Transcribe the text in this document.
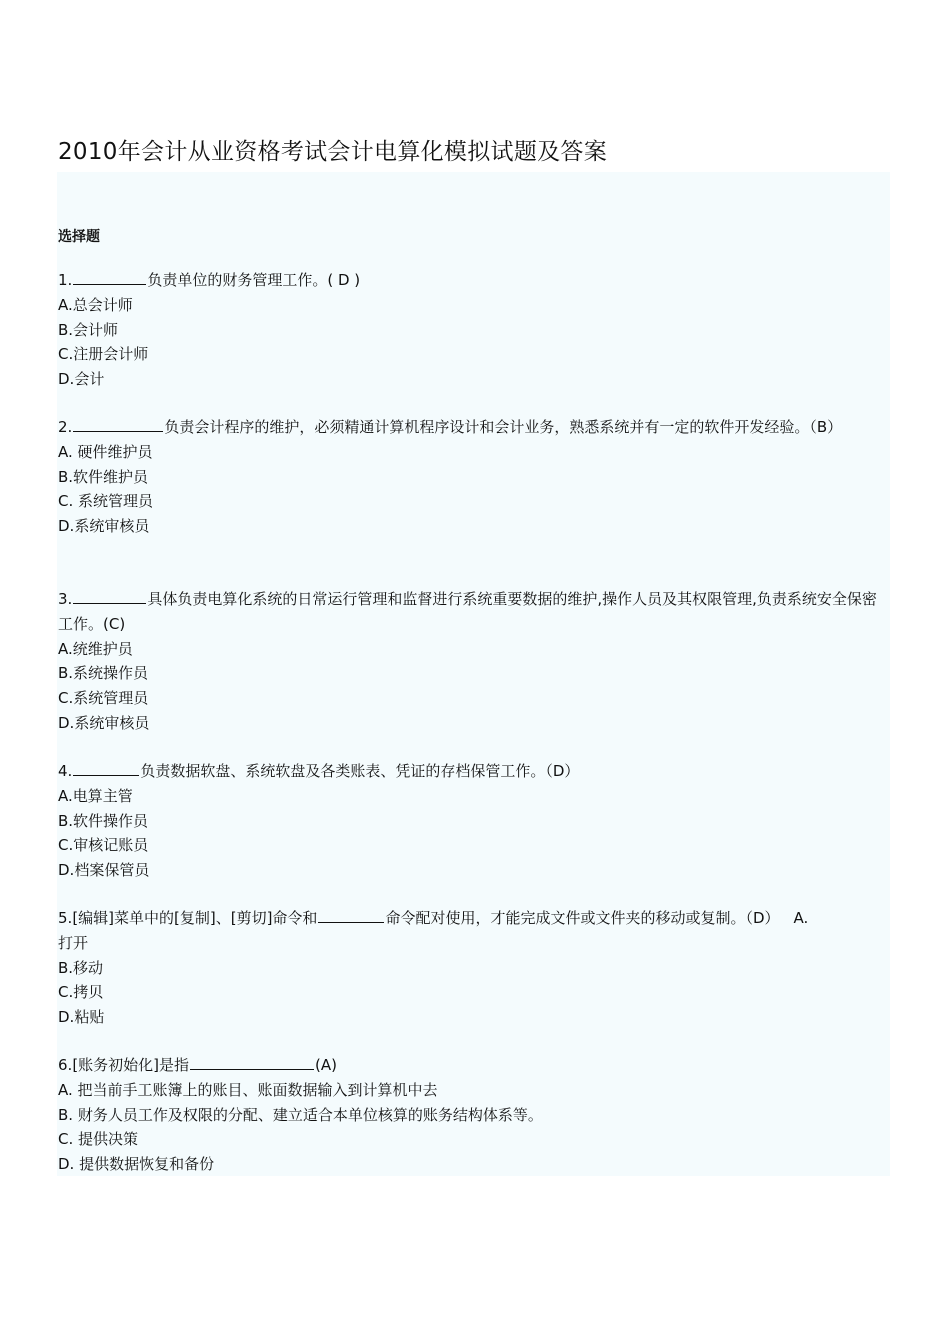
2010年会计从业资格考试会计电算化模拟试题及答案
选择题
1.	负责单位的财务管理工作。( D )
A.总会计师
B.会计师
C.注册会计师
D.会计
2.	负责会计程序的维护，必须精通计算机程序设计和会计业务，熟悉系统并有一定的软件开发经验。（B）
A. 硬件维护员
B.软件维护员
C. 系统管理员
D.系统审核员
3.	具体负责电算化系统的日常运行管理和监督进行系统重要数据的维护,操作人员及其权限管理,负责系统安全保密工作。(C)
A.统维护员
B.系统操作员
C.系统管理员
D.系统审核员
4.	负责数据软盘、系统软盘及各类账表、凭证的存档保管工作。（D）
A.电算主管
B.软件操作员
C.审核记账员
D.档案保管员
5.[编辑]菜单中的[复制]、[剪切]命令和	命令配对使用，才能完成文件或文件夹的移动或复制。（D） A.
打开
B.移动
C.拷贝
D.粘贴
6.[账务初始化]是指	(A)
A. 把当前手工账簿上的账目、账面数据输入到计算机中去
B. 财务人员工作及权限的分配、建立适合本单位核算的账务结构体系等。
C. 提供决策
D. 提供数据恢复和备份
